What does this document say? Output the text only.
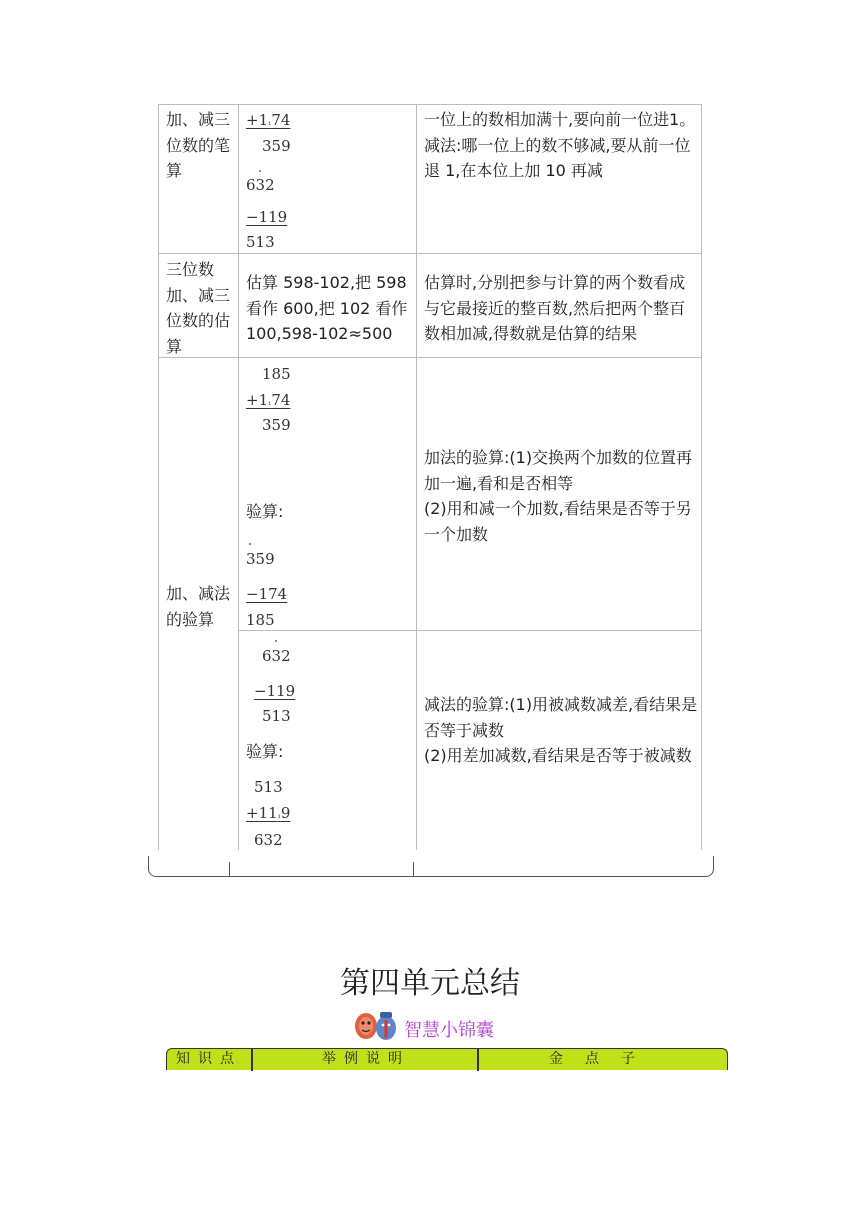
加、减三位数的笔算
+1₁74
359
632
−119
513
一位上的数相加满十,要向前一位进1。减法:哪一位上的数不够减,要从前一位退 1,在本位上加 10 再减
三位数加、减三位数的估算
估算 598-102,把 598 看作 600,把 102 看作 100,598-102≈500
估算时,分别把参与计算的两个数看成与它最接近的整百数,然后把两个整百数相加减,得数就是估算的结果
加、减法的验算
185
+1₁74
359
验算:
359
−174
185
加法的验算:(1)交换两个加数的位置再加一遍,看和是否相等
(2)用和减一个加数,看结果是否等于另一个加数
632
−119
513
验算:
513
+11₁9
632
减法的验算:(1)用被减数减差,看结果是否等于减数
(2)用差加减数,看结果是否等于被减数
第四单元总结
智慧小锦囊
知识点	举例说明	金点子
